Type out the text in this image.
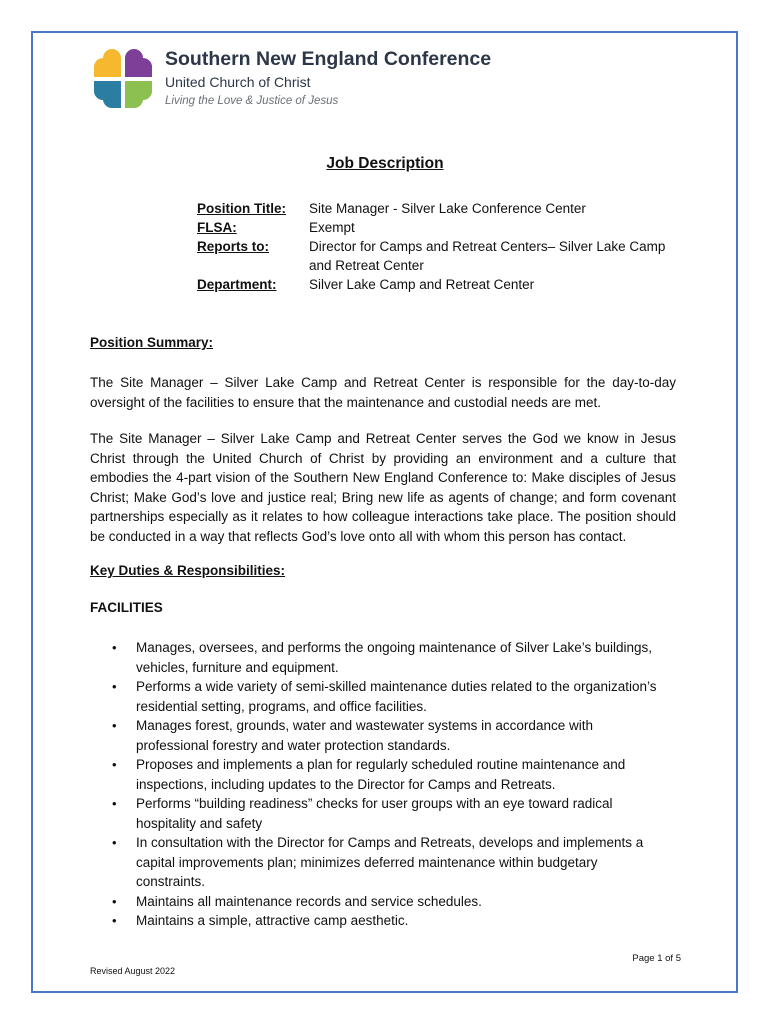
Southern New England Conference
United Church of Christ
Living the Love & Justice of Jesus
Job Description
Position Title:	Site Manager - Silver Lake Conference Center
FLSA:	Exempt
Reports to:	Director for Camps and Retreat Centers– Silver Lake Camp and Retreat Center
Department:	Silver Lake Camp and Retreat Center
Position Summary:

The Site Manager – Silver Lake Camp and Retreat Center is responsible for the day-to-day oversight of the facilities to ensure that the maintenance and custodial needs are met.

The Site Manager – Silver Lake Camp and Retreat Center serves the God we know in Jesus Christ through the United Church of Christ by providing an environment and a culture that embodies the 4-part vision of the Southern New England Conference to: Make disciples of Jesus Christ; Make God’s love and justice real; Bring new life as agents of change; and form covenant partnerships especially as it relates to how colleague interactions take place. The position should be conducted in a way that reflects God’s love onto all with whom this person has contact.

Key Duties & Responsibilities:
FACILITIES
• Manages, oversees, and performs the ongoing maintenance of Silver Lake’s buildings, vehicles, furniture and equipment.
• Performs a wide variety of semi-skilled maintenance duties related to the organization’s residential setting, programs, and office facilities.
• Manages forest, grounds, water and wastewater systems in accordance with professional forestry and water protection standards.
• Proposes and implements a plan for regularly scheduled routine maintenance and inspections, including updates to the Director for Camps and Retreats.
• Performs “building readiness” checks for user groups with an eye toward radical hospitality and safety
• In consultation with the Director for Camps and Retreats, develops and implements a capital improvements plan; minimizes deferred maintenance within budgetary constraints.
• Maintains all maintenance records and service schedules.
• Maintains a simple, attractive camp aesthetic.
Page 1 of 5
Revised August 2022
